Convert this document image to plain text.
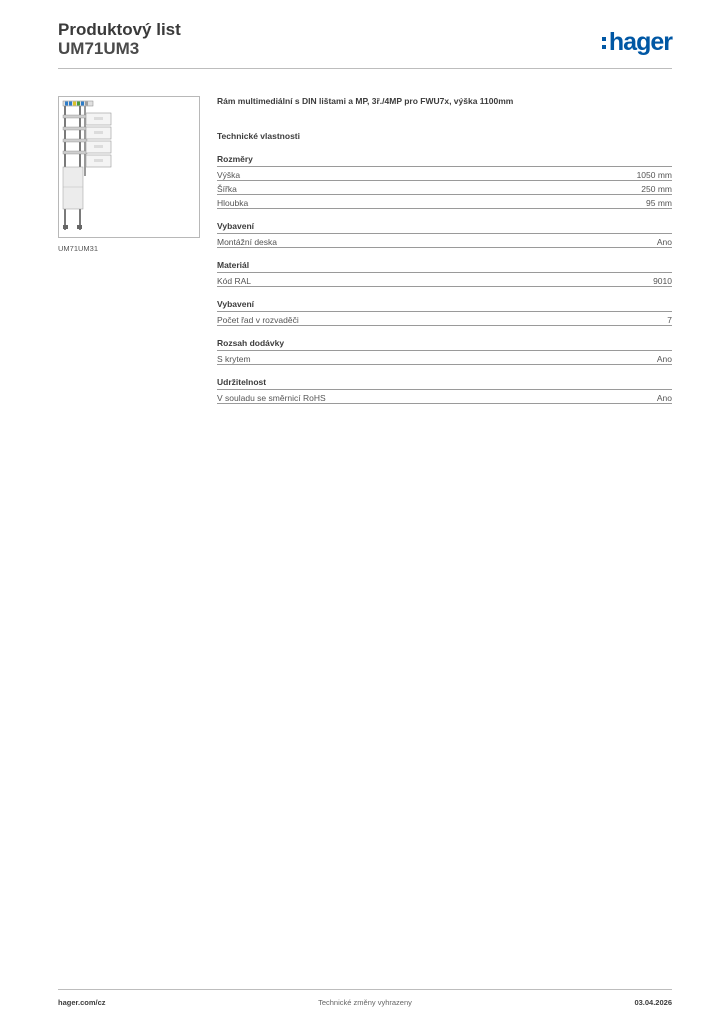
Produktový list
UM71UM3	hager
UM71UM31

Rám multimediální s DIN lištami a MP, 3ř./4MP pro FWU7x, výška 1100mm

Technické vlastnosti
Rozměry
Výška	1050 mm
Šířka	250 mm
Hloubka	95 mm
Vybavení
Montážní deska	Ano
Materiál
Kód RAL	9010
Vybavení
Počet řad v rozvaděči	7
Rozsah dodávky
S krytem	Ano
Udržitelnost
V souladu se směrnicí RoHS	Ano
hager.com/cz	Technické změny vyhrazeny	03.04.2026
